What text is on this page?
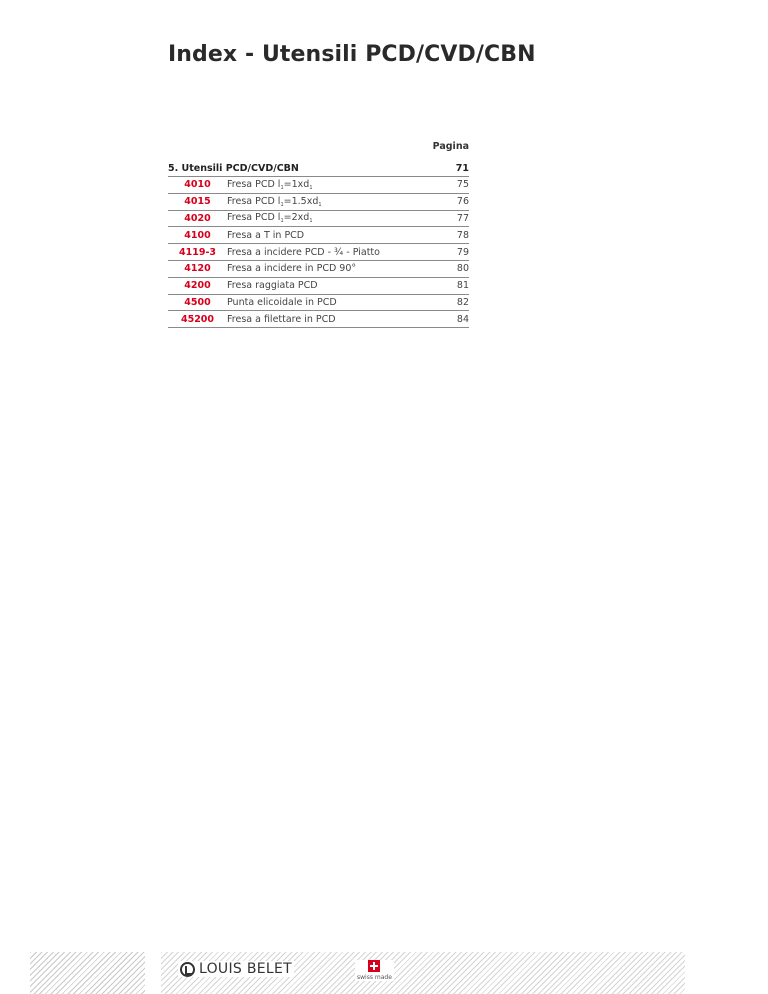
Index - Utensili PCD/CVD/CBN
Pagina
5. Utensili PCD/CVD/CBN	71
4010	Fresa PCD $l_1=1xd_1$	75
4015	Fresa PCD $l_1=1.5xd_1$	76
4020	Fresa PCD $l_1=2xd_1$	77
4100	Fresa a T in PCD	78
4119-3	Fresa a incidere PCD - ¾ - Piatto	79
4120	Fresa a incidere in PCD 90°	80
4200	Fresa raggiata PCD	81
4500	Punta elicoidale in PCD	82
45200	Fresa a filettare in PCD	84
LOUIS BELET
swiss made
